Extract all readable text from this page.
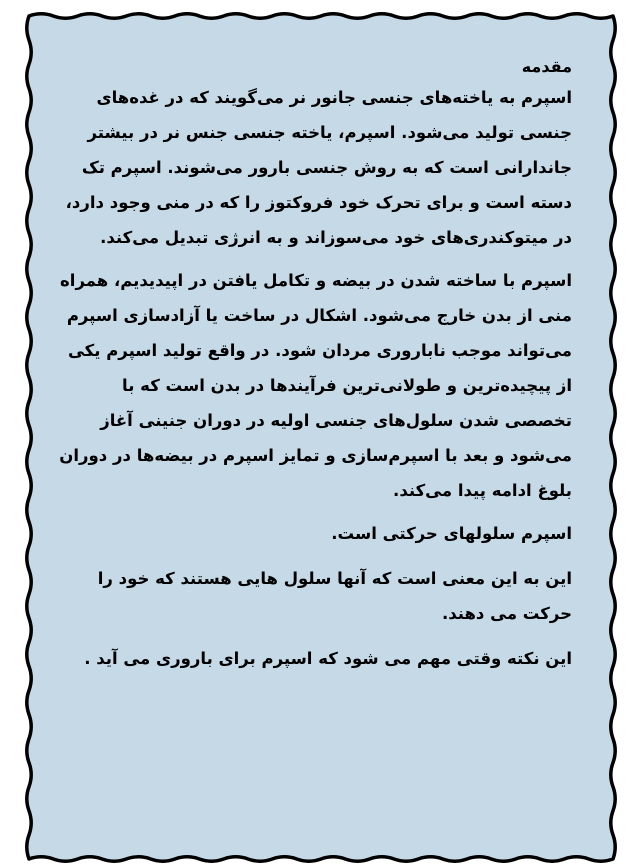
مقدمه

اسپرم به یاخته‌های جنسی جانور نر می‌گویند که در غده‌های جنسی تولید می‌شود. اسپرم، یاخته جنسی جنس نر در بیشتر جاندارانی است که به روش جنسی بارور می‌شوند. اسپرم تک دسته است و برای تحرک خود فروکتوز را که در منی وجود دارد، در میتوکندری‌های خود می‌سوزاند و به انرژی تبدیل می‌کند.

اسپرم با ساخته شدن در بیضه و تکامل یافتن در اپیدیدیم، همراه منی از بدن خارج می‌شود. اشکال در ساخت یا آزادسازی اسپرم می‌تواند موجب ناباروری مردان شود. در واقع تولید اسپرم یکی از پیچیده‌ترین و طولانی‌ترین فرآیندها در بدن است که با تخصصی شدن سلول‌های جنسی اولیه در دوران جنینی آغاز می‌شود و بعد با اسپرم‌سازی و تمایز اسپرم در بیضه‌ها در دوران بلوغ ادامه پیدا می‌کند.

اسپرم سلولهای حرکتی است.

این به این معنی است که آنها سلول هایی هستند که خود را حرکت می دهند.

این نکته وقتی مهم می شود که اسپرم برای باروری می آید .
